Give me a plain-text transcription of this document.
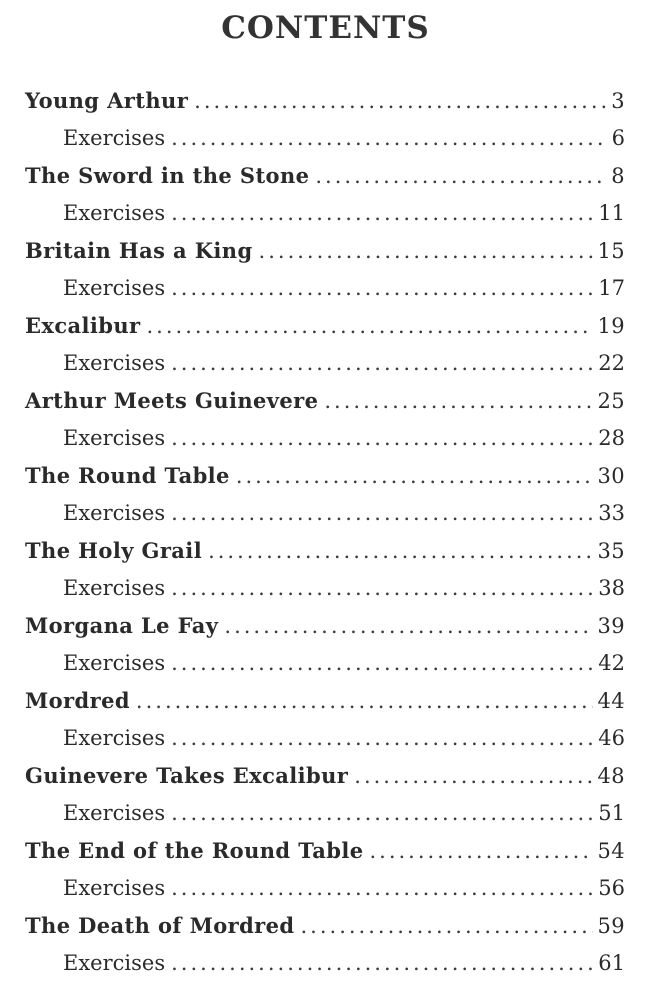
CONTENTS
Young Arthur .....	3
Exercises .....	6
The Sword in the Stone .....	8
Exercises .....	11
Britain Has a King .....	15
Exercises .....	17
Excalibur .....	19
Exercises .....	22
Arthur Meets Guinevere .....	25
Exercises .....	28
The Round Table .....	30
Exercises .....	33
The Holy Grail .....	35
Exercises .....	38
Morgana Le Fay .....	39
Exercises .....	42
Mordred .....	44
Exercises .....	46
Guinevere Takes Excalibur .....	48
Exercises .....	51
The End of the Round Table .....	54
Exercises .....	56
The Death of Mordred .....	59
Exercises .....	61
